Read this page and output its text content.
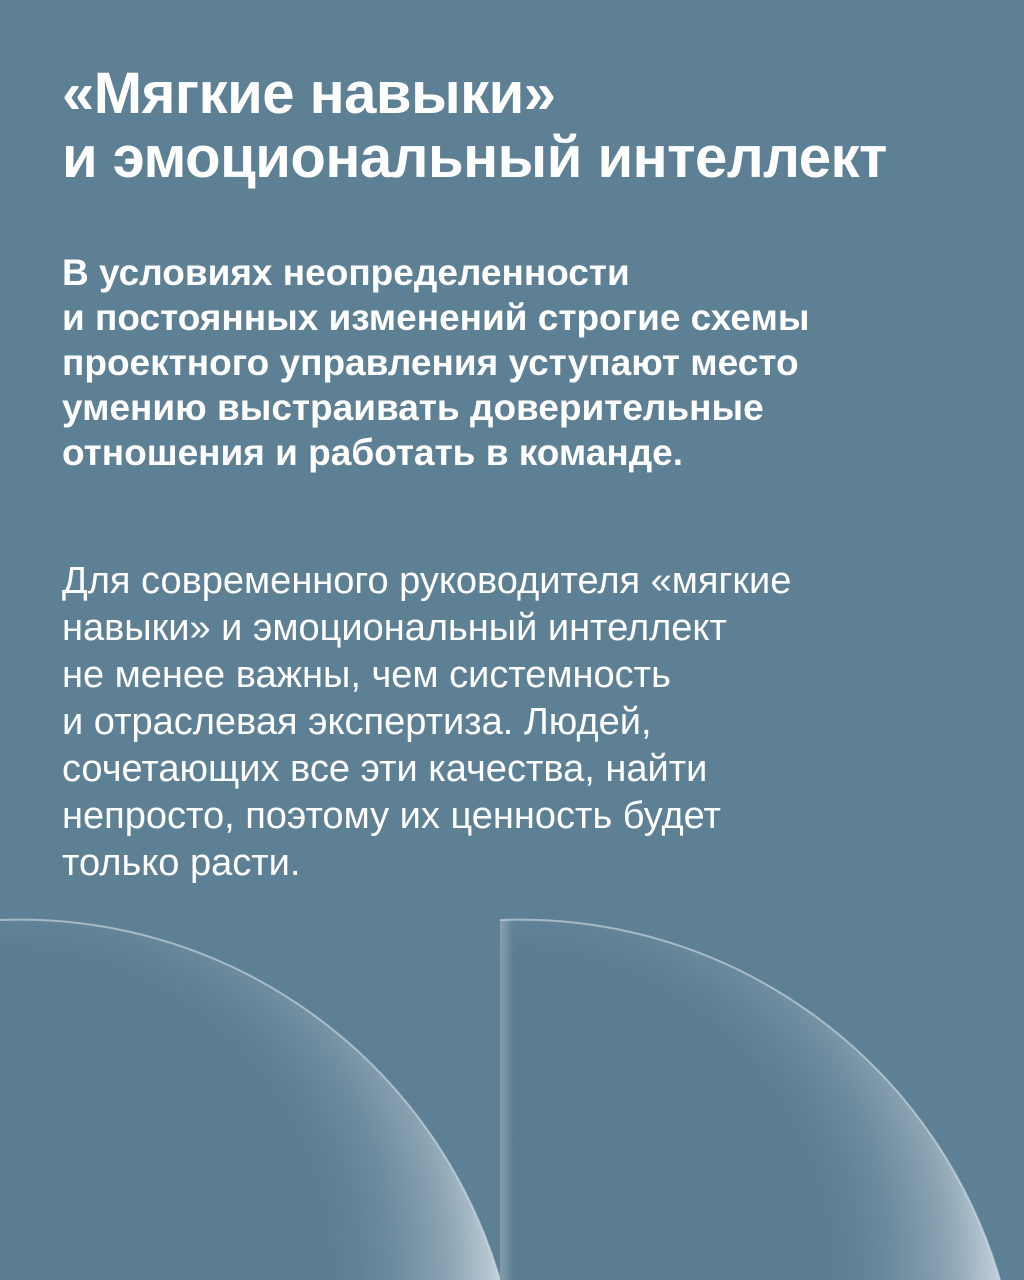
«Мягкие навыки»
и эмоциональный интеллект

В условиях неопределенности
и постоянных изменений строгие схемы
проектного управления уступают место
умению выстраивать доверительные
отношения и работать в команде.

Для современного руководителя «мягкие
навыки» и эмоциональный интеллект
не менее важны, чем системность
и отраслевая экспертиза. Людей,
сочетающих все эти качества, найти
непросто, поэтому их ценность будет
только расти.
